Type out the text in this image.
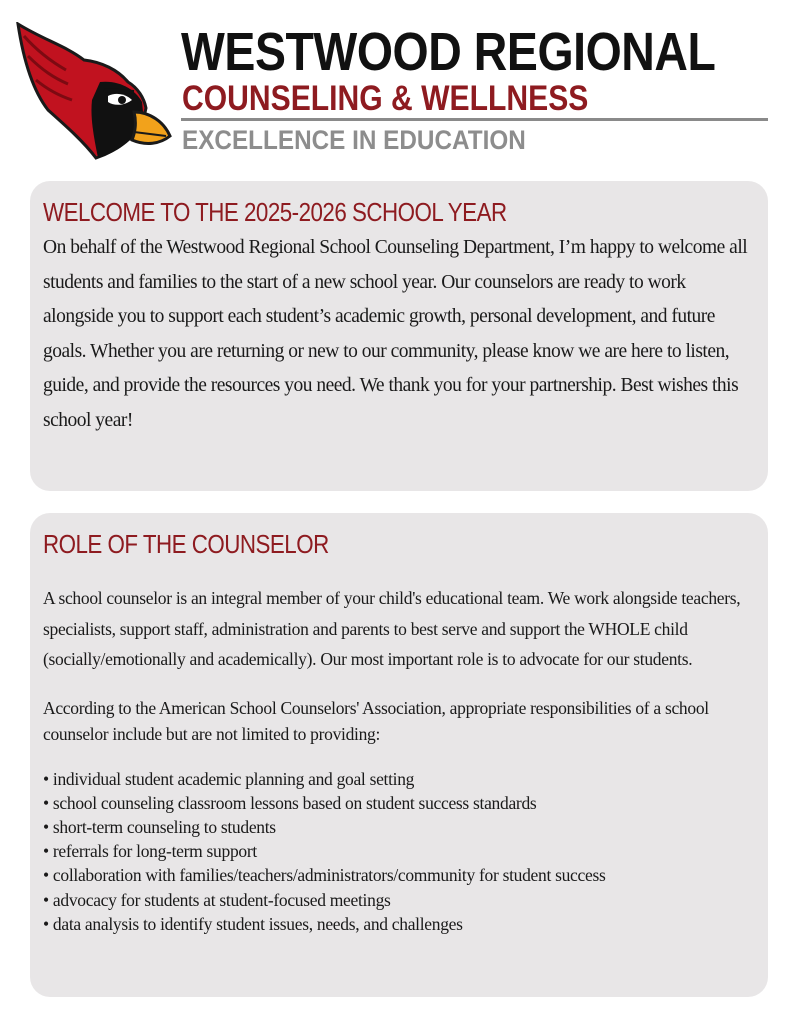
WESTWOOD REGIONAL
COUNSELING & WELLNESS
EXCELLENCE IN EDUCATION
WELCOME TO THE 2025-2026 SCHOOL YEAR

On behalf of the Westwood Regional School Counseling Department, I’m happy to welcome all students and families to the start of a new school year. Our counselors are ready to work alongside you to support each student’s academic growth, personal development, and future goals. Whether you are returning or new to our community, please know we are here to listen, guide, and provide the resources you need. We thank you for your partnership. Best wishes this school year!

ROLE OF THE COUNSELOR

A school counselor is an integral member of your child's educational team. We work alongside teachers, specialists, support staff, administration and parents to best serve and support the WHOLE child (socially/emotionally and academically). Our most important role is to advocate for our students.

According to the American School Counselors' Association, appropriate responsibilities of a school counselor include but are not limited to providing:

• individual student academic planning and goal setting
• school counseling classroom lessons based on student success standards
• short-term counseling to students
• referrals for long-term support
• collaboration with families/teachers/administrators/community for student success
• advocacy for students at student-focused meetings
• data analysis to identify student issues, needs, and challenges
